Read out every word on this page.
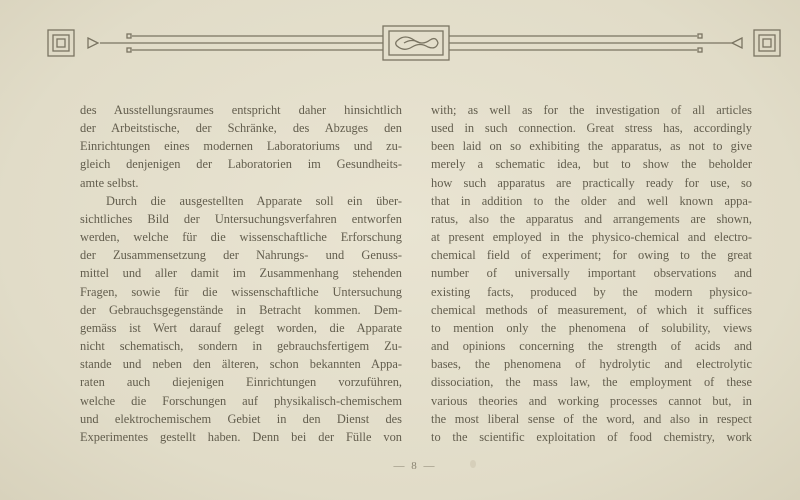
des Ausstellungsraumes entspricht daher hinsichtlich

der Arbeitstische, der Schränke, des Abzuges den

Einrichtungen eines modernen Laboratoriums und zu-

gleich denjenigen der Laboratorien im Gesundheits-

amte selbst.

Durch die ausgestellten Apparate soll ein über-

sichtliches Bild der Untersuchungsverfahren entworfen

werden, welche für die wissenschaftliche Erforschung

der Zusammensetzung der Nahrungs- und Genuss-

mittel und aller damit im Zusammenhang stehenden

Fragen, sowie für die wissenschaftliche Untersuchung

der Gebrauchsgegenstände in Betracht kommen. Dem-

gemäss ist Wert darauf gelegt worden, die Apparate

nicht schematisch, sondern in gebrauchsfertigem Zu-

stande und neben den älteren, schon bekannten Appa-

raten auch diejenigen Einrichtungen vorzuführen,

welche die Forschungen auf physikalisch-chemischem

und elektrochemischem Gebiet in den Dienst des

Experimentes gestellt haben. Denn bei der Fülle von

with; as well as for the investigation of all articles

used in such connection. Great stress has, accordingly

been laid on so exhibiting the apparatus, as not to give

merely a schematic idea, but to show the beholder

how such apparatus are practically ready for use, so

that in addition to the older and well known appa-

ratus, also the apparatus and arrangements are shown,

at present employed in the physico-chemical and electro-

chemical field of experiment; for owing to the great

number of universally important observations and

existing facts, produced by the modern physico-

chemical methods of measurement, of which it suffices

to mention only the phenomena of solubility, views

and opinions concerning the strength of acids and

bases, the phenomena of hydrolytic and electrolytic

dissociation, the mass law, the employment of these

various theories and working processes cannot but, in

the most liberal sense of the word, and also in respect

to the scientific exploitation of food chemistry, work

— 8 —
